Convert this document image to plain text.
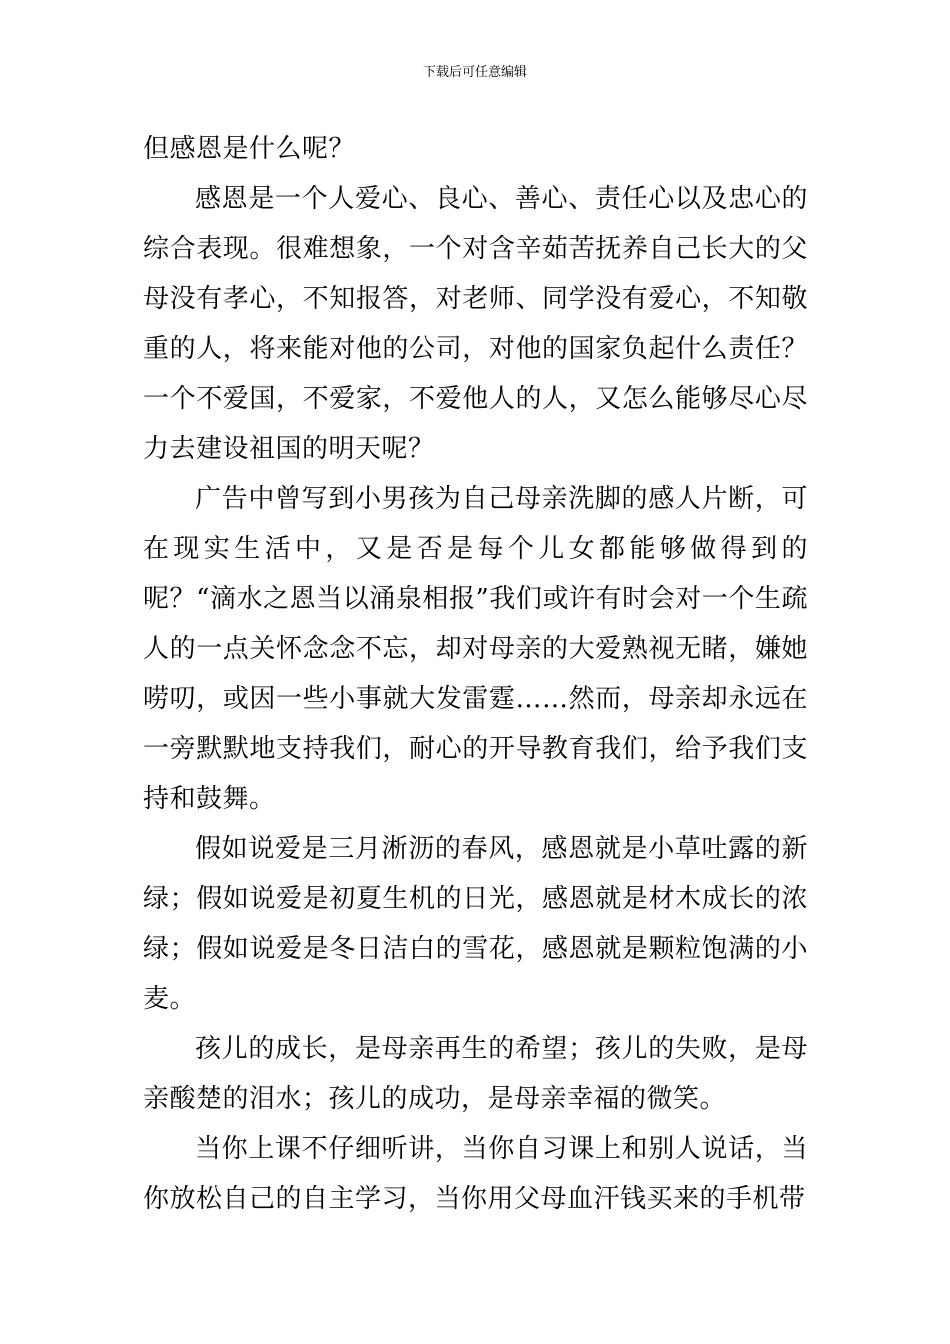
下载后可任意编辑

但感恩是什么呢？

感恩是一个人爱心、良心、善心、责任心以及忠心的综合表现。很难想象，一个对含辛茹苦抚养自己长大的父母没有孝心，不知报答，对老师、同学没有爱心，不知敬重的人，将来能对他的公司，对他的国家负起什么责任？一个不爱国，不爱家，不爱他人的人，又怎么能够尽心尽力去建设祖国的明天呢？

广告中曾写到小男孩为自己母亲洗脚的感人片断，可在现实生活中，又是否是每个儿女都能够做得到的呢？“滴水之恩当以涌泉相报”我们或许有时会对一个生疏人的一点关怀念念不忘，却对母亲的大爱熟视无睹，嫌她唠叨，或因一些小事就大发雷霆……然而，母亲却永远在一旁默默地支持我们，耐心的开导教育我们，给予我们支持和鼓舞。

假如说爱是三月淅沥的春风，感恩就是小草吐露的新绿；假如说爱是初夏生机的日光，感恩就是材木成长的浓绿；假如说爱是冬日洁白的雪花，感恩就是颗粒饱满的小麦。

孩儿的成长，是母亲再生的希望；孩儿的失败，是母亲酸楚的泪水；孩儿的成功，是母亲幸福的微笑。

当你上课不仔细听讲，当你自习课上和别人说话，当你放松自己的自主学习，当你用父母血汗钱买来的手机带
